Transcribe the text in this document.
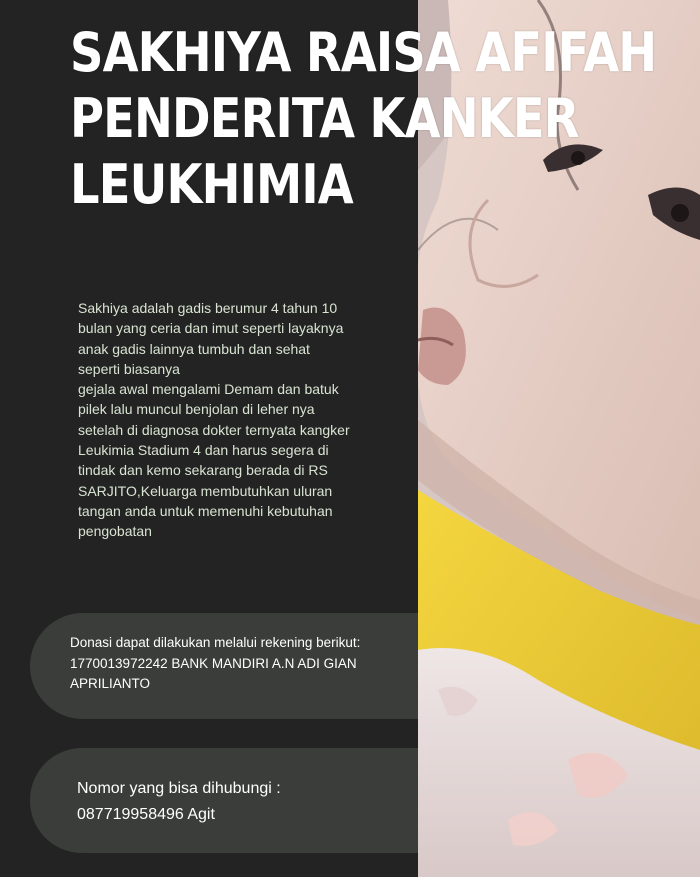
SAKHIYA RAISA AFIFAH
PENDERITA KANKER
LEUKHIMIA

Sakhiya adalah gadis berumur 4 tahun 10

bulan yang ceria dan imut seperti layaknya

anak gadis lainnya tumbuh dan sehat

seperti biasanya

gejala awal mengalami Demam dan batuk

pilek lalu muncul benjolan di leher nya

setelah di diagnosa dokter ternyata kangker

Leukimia Stadium 4 dan harus segera di

tindak dan kemo sekarang berada di RS

SARJITO,Keluarga membutuhkan uluran

tangan anda untuk memenuhi kebutuhan

pengobatan

Donasi dapat dilakukan melalui rekening berikut:

1770013972242 BANK MANDIRI A.N ADI GIAN

APRILIANTO

Nomor yang bisa dihubungi :

087719958496 Agit
